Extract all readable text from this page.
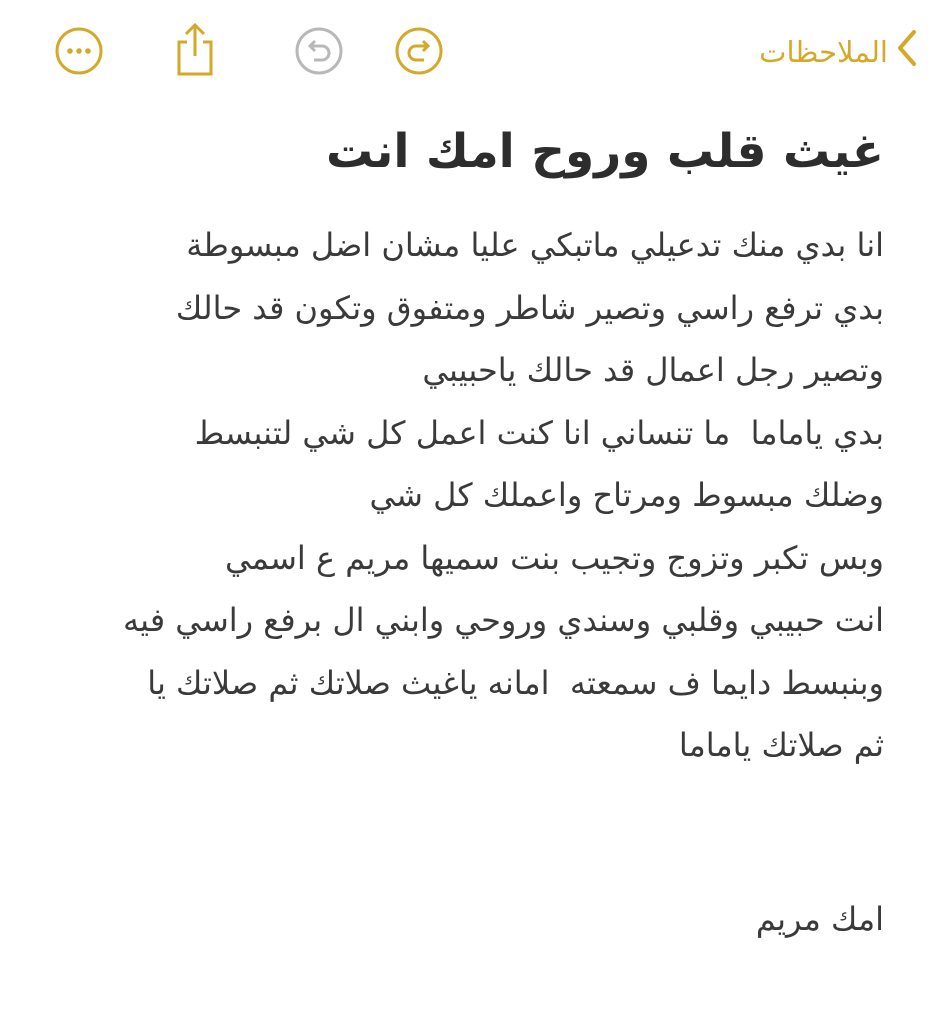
الملاحظات
غيث قلب وروح امك انت
انا بدي منك تدعيلي ماتبكي عليا مشان اضل مبسوطة
بدي ترفع راسي وتصير شاطر ومتفوق وتكون قد حالك
وتصير رجل اعمال قد حالك ياحبيبي
بدي ياماما  ما تنساني انا كنت اعمل كل شي لتنبسط
وضلك مبسوط ومرتاح واعملك كل شي
وبس تكبر وتزوج وتجيب بنت سميها مريم ع اسمي
انت حبيبي وقلبي وسندي وروحي وابني ال برفع راسي فيه
وبنبسط دايما ف سمعته  امانه ياغيث صلاتك ثم صلاتك يا
ثم صلاتك ياماما
امك مريم
